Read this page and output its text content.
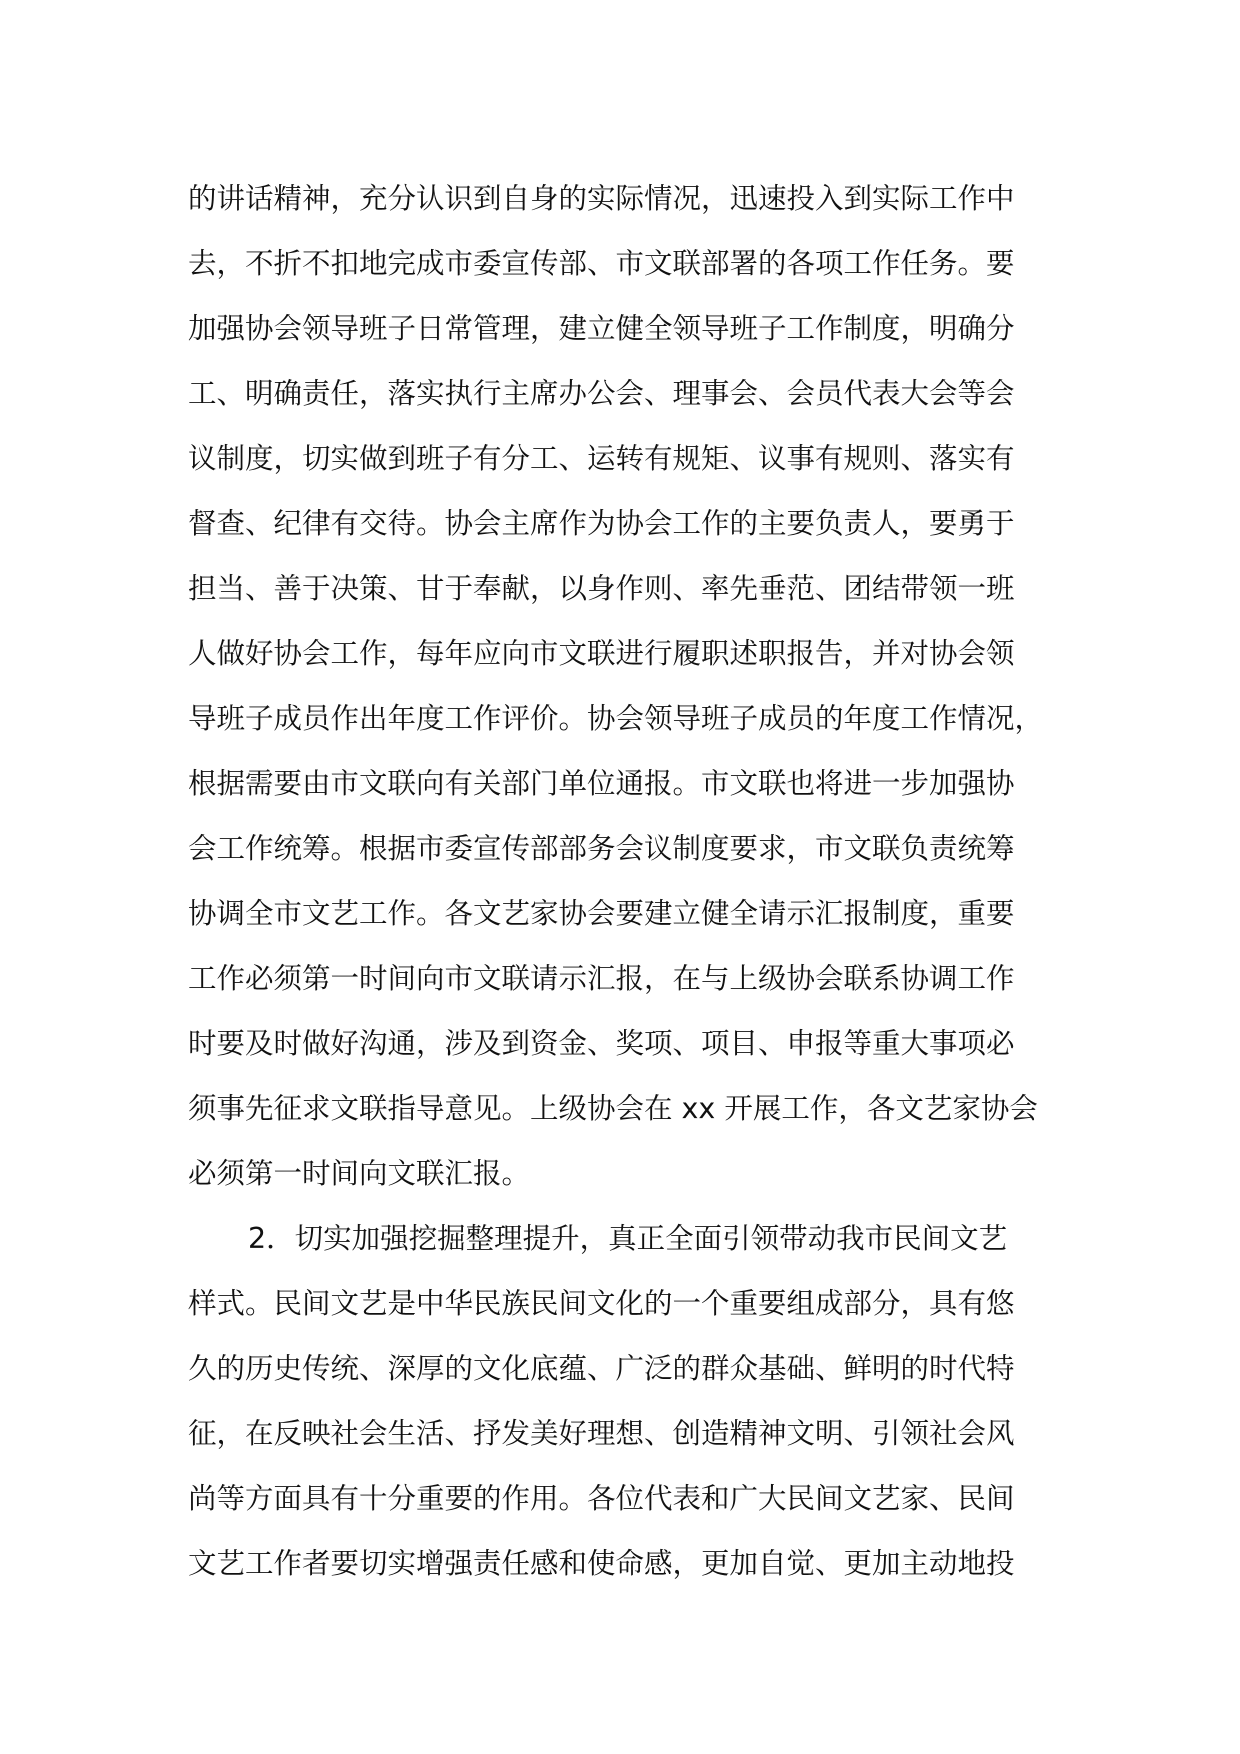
的讲话精神，充分认识到自身的实际情况，迅速投入到实际工作中
去，不折不扣地完成市委宣传部、市文联部署的各项工作任务。要
加强协会领导班子日常管理，建立健全领导班子工作制度，明确分
工、明确责任，落实执行主席办公会、理事会、会员代表大会等会
议制度，切实做到班子有分工、运转有规矩、议事有规则、落实有
督查、纪律有交待。协会主席作为协会工作的主要负责人，要勇于
担当、善于决策、甘于奉献，以身作则、率先垂范、团结带领一班
人做好协会工作，每年应向市文联进行履职述职报告，并对协会领
导班子成员作出年度工作评价。协会领导班子成员的年度工作情况，
根据需要由市文联向有关部门单位通报。市文联也将进一步加强协
会工作统筹。根据市委宣传部部务会议制度要求，市文联负责统筹
协调全市文艺工作。各文艺家协会要建立健全请示汇报制度，重要
工作必须第一时间向市文联请示汇报，在与上级协会联系协调工作
时要及时做好沟通，涉及到资金、奖项、项目、申报等重大事项必
须事先征求文联指导意见。上级协会在 xx 开展工作，各文艺家协会
必须第一时间向文联汇报。
2．切实加强挖掘整理提升，真正全面引领带动我市民间文艺
样式。民间文艺是中华民族民间文化的一个重要组成部分，具有悠
久的历史传统、深厚的文化底蕴、广泛的群众基础、鲜明的时代特
征，在反映社会生活、抒发美好理想、创造精神文明、引领社会风
尚等方面具有十分重要的作用。各位代表和广大民间文艺家、民间
文艺工作者要切实增强责任感和使命感，更加自觉、更加主动地投
